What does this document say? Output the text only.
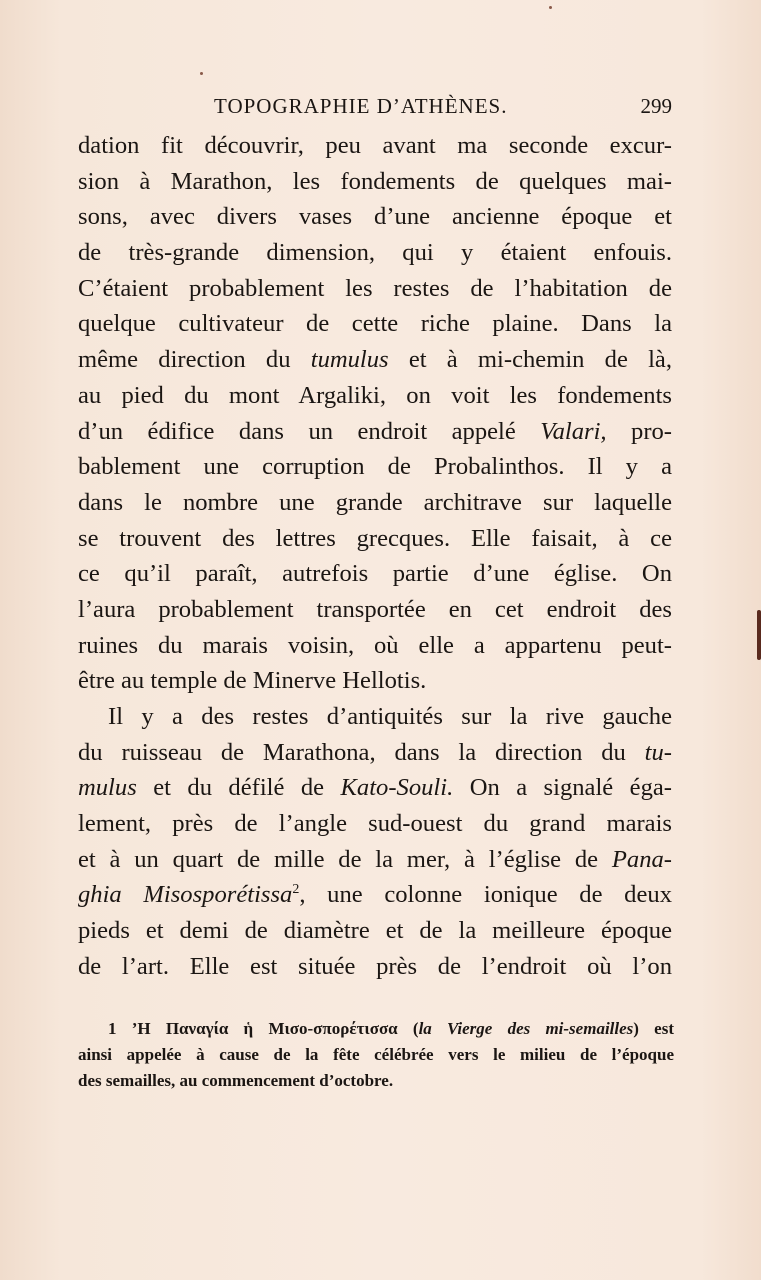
TOPOGRAPHIE D’ATHÈNES.	299
dation fit découvrir, peu avant ma seconde excur-
sion à Marathon, les fondements de quelques mai-
sons, avec divers vases d’une ancienne époque et
de très-grande dimension, qui y étaient enfouis.
C’étaient probablement les restes de l’habitation de
quelque cultivateur de cette riche plaine. Dans la
même direction du tumulus et à mi-chemin de là,
au pied du mont Argaliki, on voit les fondements
d’un édifice dans un endroit appelé Valari, pro-
bablement une corruption de Probalinthos. Il y a
dans le nombre une grande architrave sur laquelle
se trouvent des lettres grecques. Elle faisait, à ce
ce qu’il paraît, autrefois partie d’une église. On
l’aura probablement transportée en cet endroit des
ruines du marais voisin, où elle a appartenu peut-
être au temple de Minerve Hellotis.
Il y a des restes d’antiquités sur la rive gauche
du ruisseau de Marathona, dans la direction du tu-
mulus et du défilé de Kato-Souli. On a signalé éga-
lement, près de l’angle sud-ouest du grand marais
et à un quart de mille de la mer, à l’église de Pana-
ghia Misosporétissa$^2$, une colonne ionique de deux
pieds et demi de diamètre et de la meilleure époque
de l’art. Elle est située près de l’endroit où l’on
1 ’Η Παναγία ἡ Μισο-σπορέτισσα (la Vierge des mi-semailles) est
ainsi appelée à cause de la fête célébrée vers le milieu de l’époque
des semailles, au commencement d’octobre.
